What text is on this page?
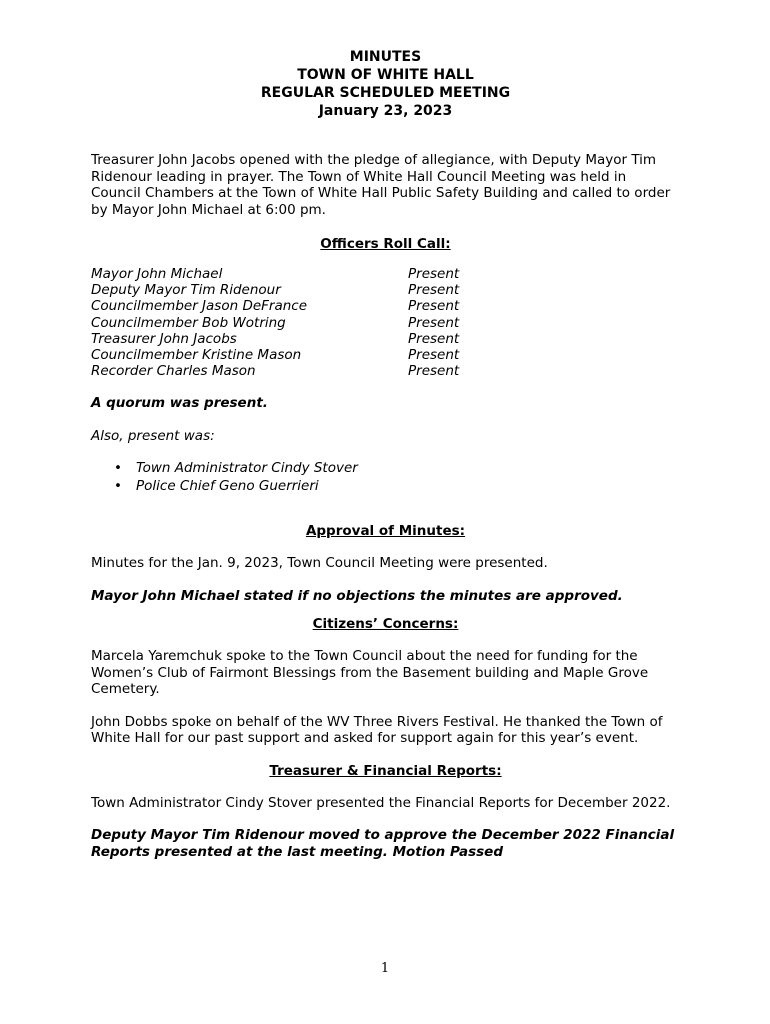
MINUTES
TOWN OF WHITE HALL
REGULAR SCHEDULED MEETING
January 23, 2023

Treasurer John Jacobs opened with the pledge of allegiance, with Deputy Mayor Tim Ridenour leading in prayer. The Town of White Hall Council Meeting was held in Council Chambers at the Town of White Hall Public Safety Building and called to order by Mayor John Michael at 6:00 pm.

Officers Roll Call:
Mayor John Michael	Present
Deputy Mayor Tim Ridenour	Present
Councilmember Jason DeFrance	Present
Councilmember Bob Wotring	Present
Treasurer John Jacobs	Present
Councilmember Kristine Mason	Present
Recorder Charles Mason	Present

A quorum was present.

Also, present was:

• Town Administrator Cindy Stover
• Police Chief Geno Guerrieri
Approval of Minutes:

Minutes for the Jan. 9, 2023, Town Council Meeting were presented.

Mayor John Michael stated if no objections the minutes are approved.

Citizens’ Concerns:

Marcela Yaremchuk spoke to the Town Council about the need for funding for the Women’s Club of Fairmont Blessings from the Basement building and Maple Grove Cemetery.

John Dobbs spoke on behalf of the WV Three Rivers Festival. He thanked the Town of White Hall for our past support and asked for support again for this year’s event.

Treasurer & Financial Reports:

Town Administrator Cindy Stover presented the Financial Reports for December 2022.

Deputy Mayor Tim Ridenour moved to approve the December 2022 Financial Reports presented at the last meeting. Motion Passed

1
